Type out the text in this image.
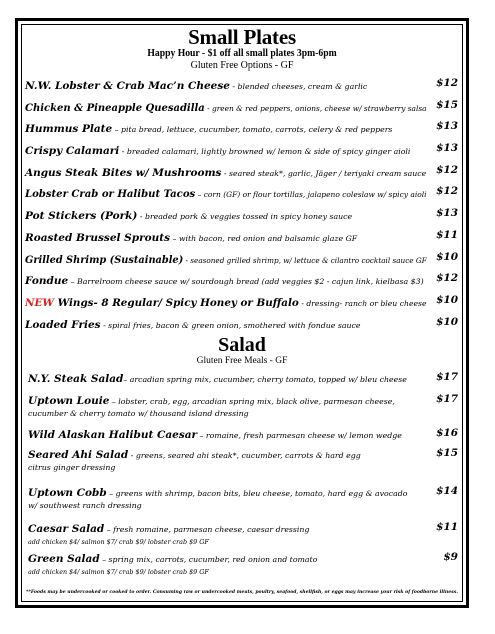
Small Plates
Happy Hour - $1 off all small plates 3pm-6pm
Gluten Free Options - GF
N.W. Lobster & Crab Mac’n Cheese - blended cheeses, cream & garlic	$12
Chicken & Pineapple Quesadilla - green & red peppers, onions, cheese w/ strawberry salsa $15
Hummus Plate – pita bread, lettuce, cucumber, tomato, carrots, celery & red peppers	$13
Crispy Calamari - breaded calamari, lightly browned w/ lemon & side of spicy ginger aioli $13
Angus Steak Bites w/ Mushrooms - seared steak*, garlic, Jäger / teriyaki cream sauce $12
Lobster Crab or Halibut Tacos – corn (GF) or flour tortillas, jalapeno coleslaw w/ spicy aioli $12
Pot Stickers (Pork) - breaded pork & veggies tossed in spicy honey sauce	$13
Roasted Brussel Sprouts – with bacon, red onion and balsamic glaze GF	$11
Grilled Shrimp (Sustainable) - seasoned grilled shrimp, w/ lettuce & cilantro cocktail sauce GF $10
Fondue – Barrelroom cheese sauce w/ sourdough bread (add veggies $2 - cajun link, kielbasa $3) $12
NEW Wings- 8 Regular/ Spicy Honey or Buffalo - dressing- ranch or bleu cheese $10
Loaded Fries - spiral fries, bacon & green onion, smothered with fondue sauce	$10
Salad
Gluten Free Meals - GF
N.Y. Steak Salad– arcadian spring mix, cucumber, cherry tomato, topped w/ bleu cheese	$17
Uptown Louie – lobster, crab, egg, arcadian spring mix, black olive, parmesan cheese,
cucumber & cherry tomato w/ thousand island dressing
$17
Wild Alaskan Halibut Caesar – romaine, fresh parmesan cheese w/ lemon wedge	$16
Seared Ahi Salad - greens, seared ahi steak*, cucumber, carrots & hard egg
citrus ginger dressing
$15
Uptown Cobb – greens with shrimp, bacon bits, bleu cheese, tomato, hard egg & avocado
w/ southwest ranch dressing
$14
Caesar Salad – fresh romaine, parmesan cheese, caesar dressing
add chicken $4/ salmon $7/ crab $9/ lobster crab $9 GF
$11
Green Salad – spring mix, carrots, cucumber, red onion and tomato
add chicken $4/ salmon $7/ crab $9/ lobster crab $9 GF
$9
**Foods may be undercooked or cooked to order. Consuming raw or undercooked meats, poultry, seafood, shellfish, or eggs may increase your risk of foodborne illness.
